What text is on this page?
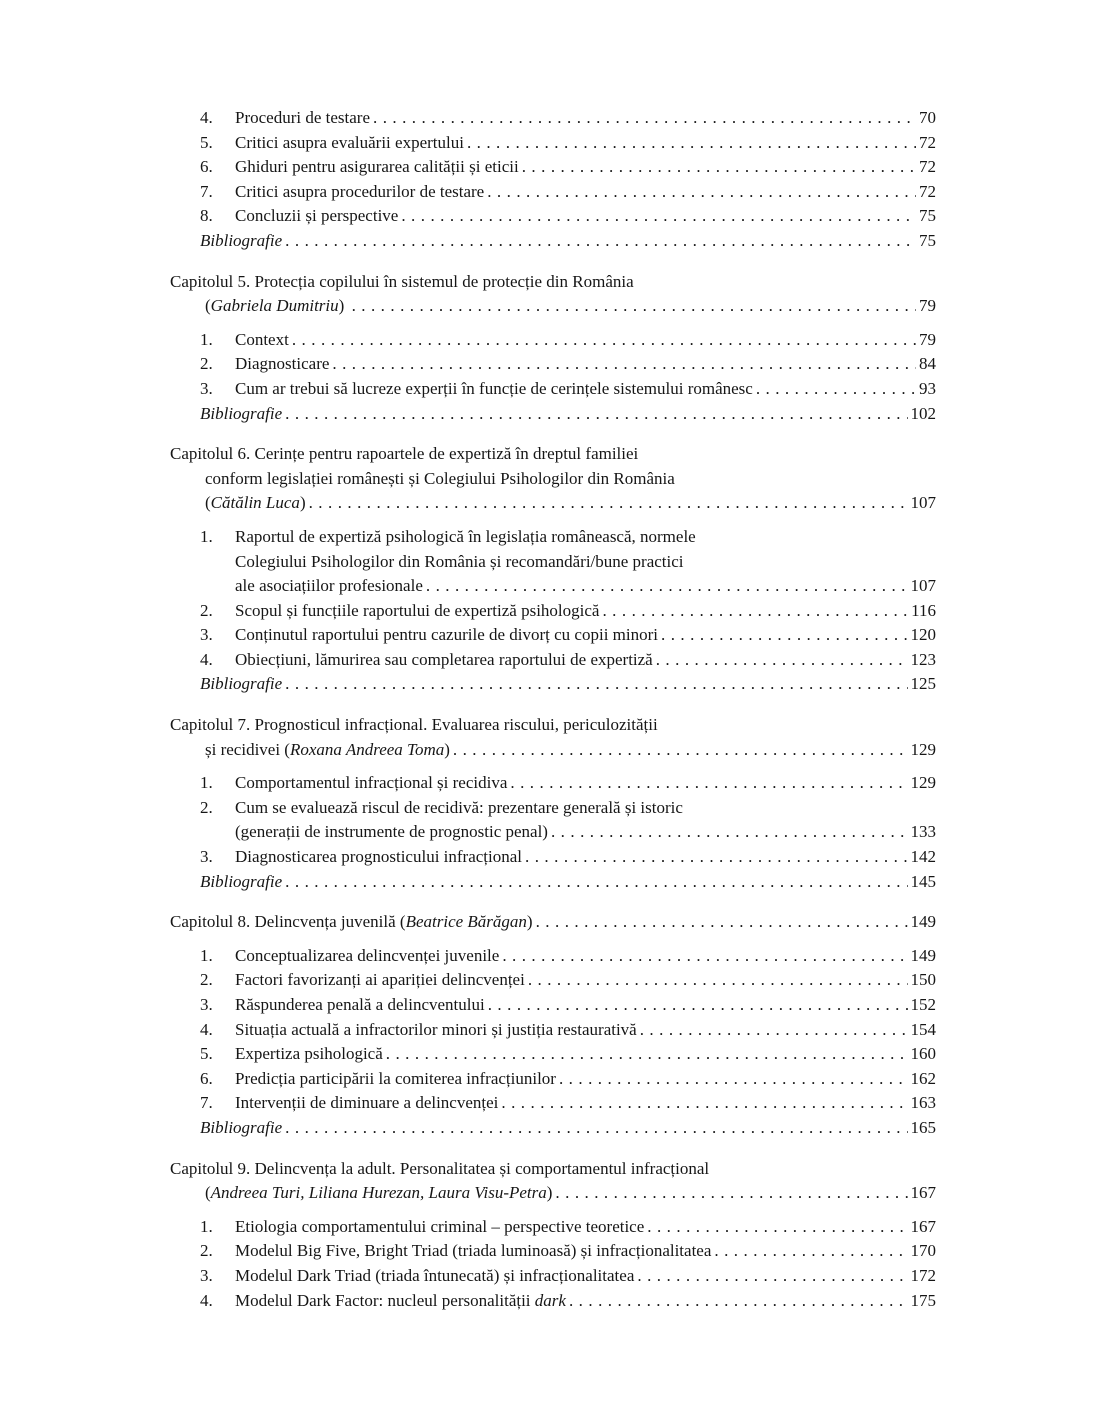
4.	Proceduri de testare . . .	70
5.	Critici asupra evaluării expertului . . .	72
6.	Ghiduri pentru asigurarea calității și eticii . . .	72
7.	Critici asupra procedurilor de testare . . .	72
8.	Concluzii și perspective . . .	75
Bibliografie . . .	75
Capitolul 5. Protecția copilului în sistemul de protecție din România
(Gabriela Dumitriu) . . .	79
1.	Context . . .	79
2.	Diagnosticare . . .	84
3.	Cum ar trebui să lucreze experții în funcție de cerințele sistemului românesc . . .	93
Bibliografie . . .	102
Capitolul 6. Cerințe pentru rapoartele de expertiză în dreptul familiei
conform legislației românești și Colegiului Psihologilor din România
(Cătălin Luca) . . .	107
1.	Raportul de expertiză psihologică în legislația românească, normele
Colegiului Psihologilor din România și recomandări/bune practici
ale asociațiilor profesionale . . .	107
2.	Scopul și funcțiile raportului de expertiză psihologică . . .	116
3.	Conținutul raportului pentru cazurile de divorț cu copii minori . . .	120
4.	Obiecțiuni, lămurirea sau completarea raportului de expertiză . . .	123
Bibliografie . . .	125
Capitolul 7. Prognosticul infracțional. Evaluarea riscului, periculozității
și recidivei (Roxana Andreea Toma) . . .	129
1.	Comportamentul infracțional și recidiva . . .	129
2.	Cum se evaluează riscul de recidivă: prezentare generală și istoric
(generații de instrumente de prognostic penal) . . .	133
3.	Diagnosticarea prognosticului infracțional . . .	142
Bibliografie . . .	145
Capitolul 8. Delincvența juvenilă (Beatrice Bărăgan) . . .	149
1.	Conceptualizarea delincvenței juvenile . . .	149
2.	Factori favorizanți ai apariției delincvenței . . .	150
3.	Răspunderea penală a delincventului . . .	152
4.	Situația actuală a infractorilor minori și justiția restaurativă . . .	154
5.	Expertiza psihologică . . .	160
6.	Predicția participării la comiterea infracțiunilor . . .	162
7.	Intervenții de diminuare a delincvenței . . .	163
Bibliografie . . .	165
Capitolul 9. Delincvența la adult. Personalitatea și comportamentul infracțional
(Andreea Turi, Liliana Hurezan, Laura Visu-Petra) . . .	167
1.	Etiologia comportamentului criminal – perspective teoretice . . .	167
2.	Modelul Big Five, Bright Triad (triada luminoasă) și infracționalitatea . . .	170
3.	Modelul Dark Triad (triada întunecată) și infracționalitatea . . .	172
4.	Modelul Dark Factor: nucleul personalității dark . . .	175
